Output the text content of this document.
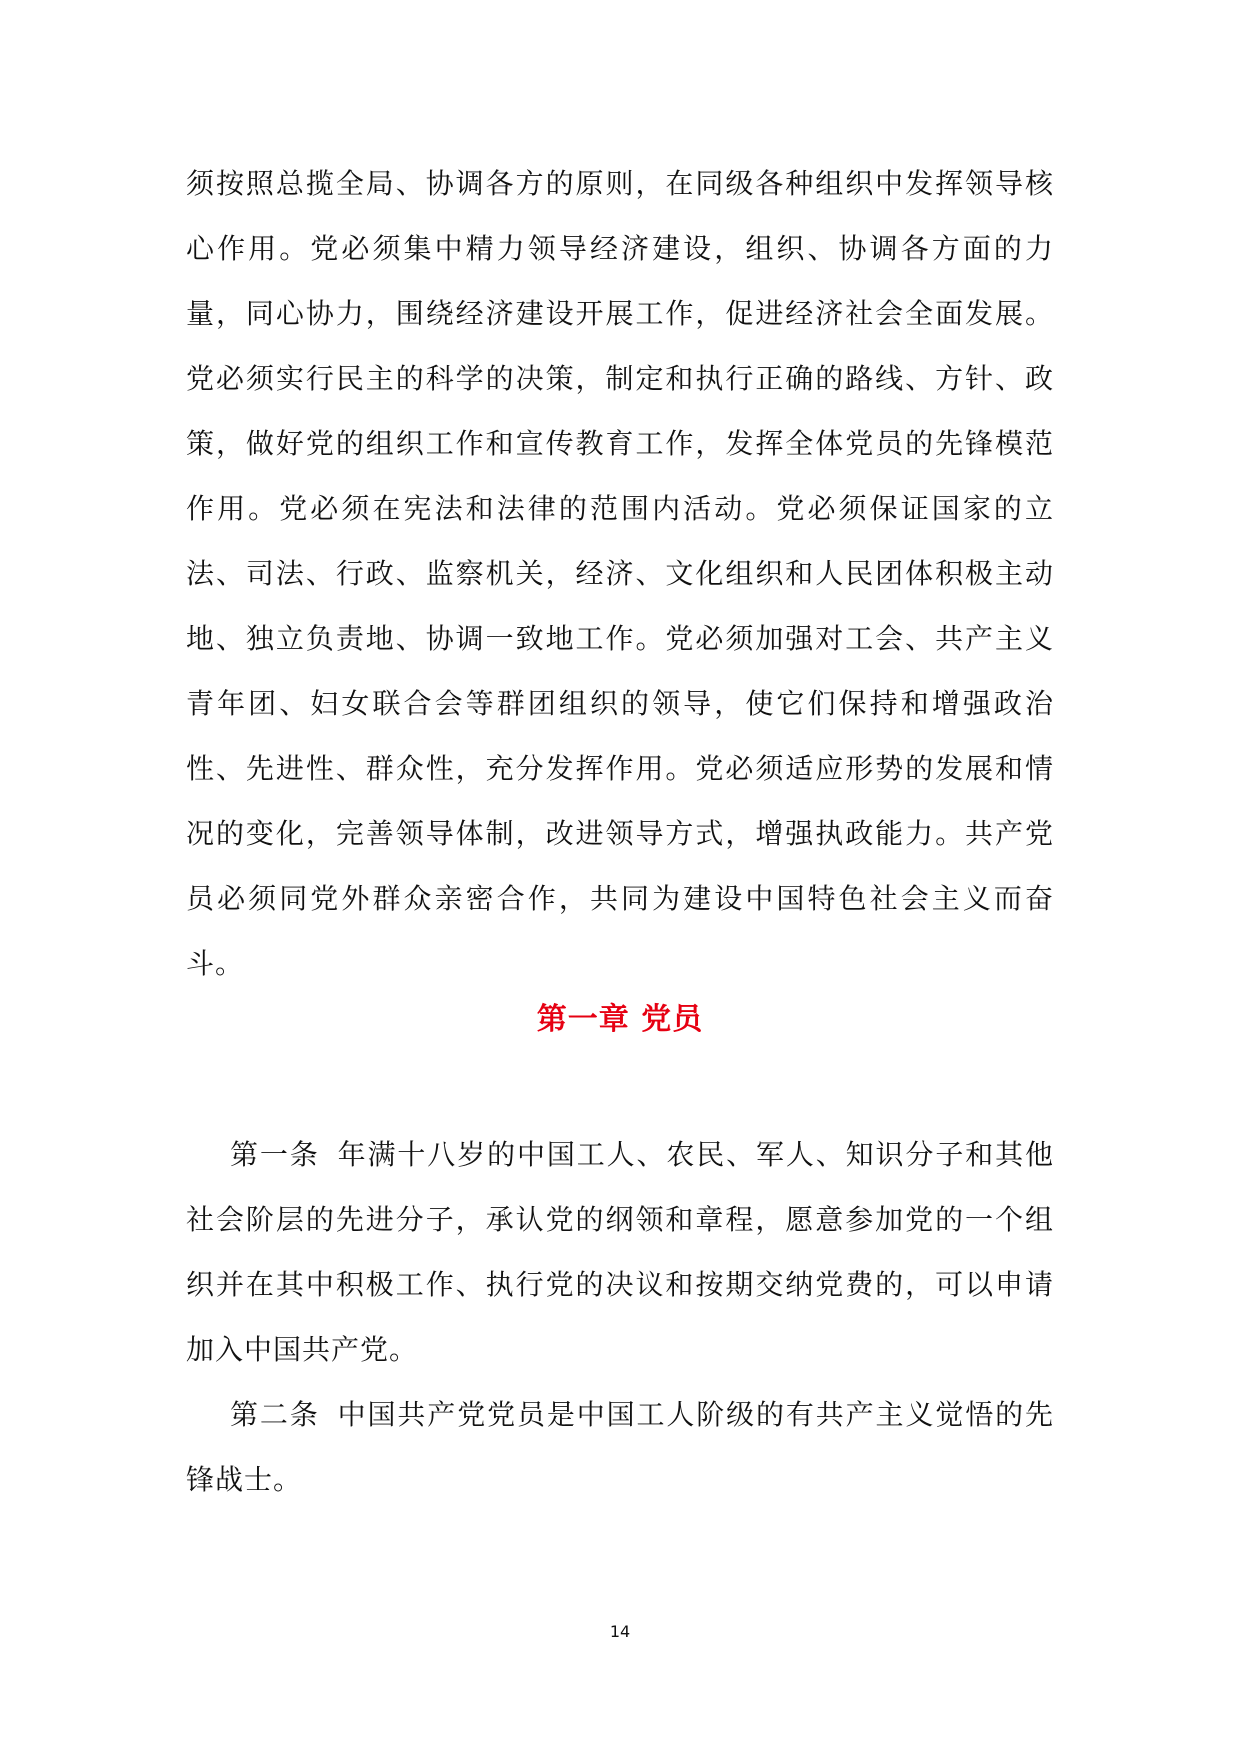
须按照总揽全局、协调各方的原则，在同级各种组织中发挥领导核心作用。党必须集中精力领导经济建设，组织、协调各方面的力量，同心协力，围绕经济建设开展工作，促进经济社会全面发展。党必须实行民主的科学的决策，制定和执行正确的路线、方针、政策，做好党的组织工作和宣传教育工作，发挥全体党员的先锋模范作用。党必须在宪法和法律的范围内活动。党必须保证国家的立法、司法、行政、监察机关，经济、文化组织和人民团体积极主动地、独立负责地、协调一致地工作。党必须加强对工会、共产主义青年团、妇女联合会等群团组织的领导，使它们保持和增强政治性、先进性、群众性，充分发挥作用。党必须适应形势的发展和情况的变化，完善领导体制，改进领导方式，增强执政能力。共产党员必须同党外群众亲密合作，共同为建设中国特色社会主义而奋斗。

第一章 党员

第一条 年满十八岁的中国工人、农民、军人、知识分子和其他社会阶层的先进分子，承认党的纲领和章程，愿意参加党的一个组织并在其中积极工作、执行党的决议和按期交纳党费的，可以申请加入中国共产党。

第二条 中国共产党党员是中国工人阶级的有共产主义觉悟的先锋战士。

14
